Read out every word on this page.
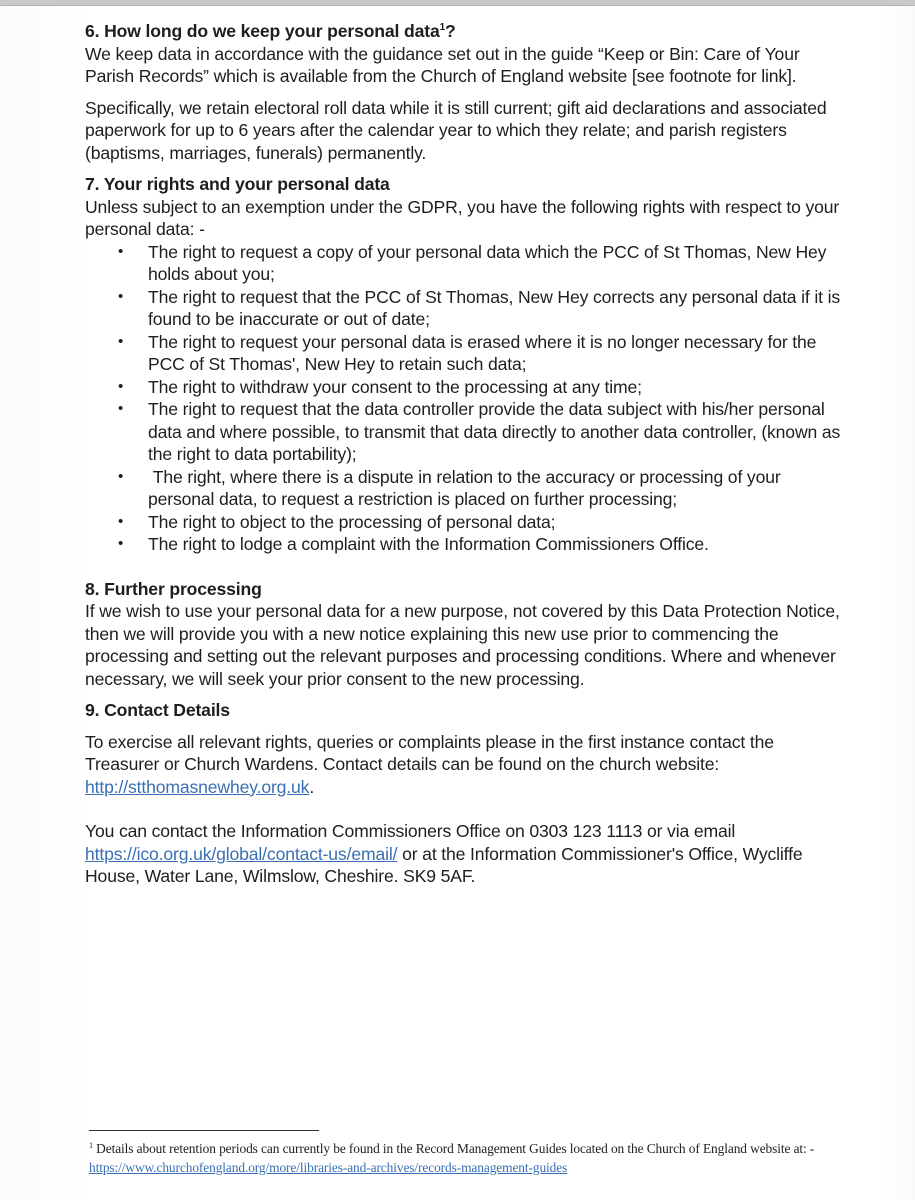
6. How long do we keep your personal data$^1$?

We keep data in accordance with the guidance set out in the guide “Keep or Bin: Care of Your Parish Records” which is available from the Church of England website [see footnote for link].

Specifically, we retain electoral roll data while it is still current; gift aid declarations and associated paperwork for up to 6 years after the calendar year to which they relate; and parish registers (baptisms, marriages, funerals) permanently.

7. Your rights and your personal data

Unless subject to an exemption under the GDPR, you have the following rights with respect to your personal data: -

• The right to request a copy of your personal data which the PCC of St Thomas, New Hey holds about you;
• The right to request that the PCC of St Thomas, New Hey corrects any personal data if it is found to be inaccurate or out of date;
• The right to request your personal data is erased where it is no longer necessary for the PCC of St Thomas', New Hey to retain such data;
• The right to withdraw your consent to the processing at any time;
• The right to request that the data controller provide the data subject with his/her personal data and where possible, to transmit that data directly to another data controller, (known as the right to data portability);
• The right, where there is a dispute in relation to the accuracy or processing of your personal data, to request a restriction is placed on further processing;
• The right to object to the processing of personal data;
• The right to lodge a complaint with the Information Commissioners Office.
8. Further processing

If we wish to use your personal data for a new purpose, not covered by this Data Protection Notice, then we will provide you with a new notice explaining this new use prior to commencing the processing and setting out the relevant purposes and processing conditions. Where and whenever necessary, we will seek your prior consent to the new processing.

9. Contact Details

To exercise all relevant rights, queries or complaints please in the first instance contact the Treasurer or Church Wardens. Contact details can be found on the church website: http://stthomasnewhey.org.uk.

You can contact the Information Commissioners Office on 0303 123 1113 or via email https://ico.org.uk/global/contact-us/email/ or at the Information Commissioner's Office, Wycliffe House, Water Lane, Wilmslow, Cheshire. SK9 5AF.

$^1$ Details about retention periods can currently be found in the Record Management Guides located on the Church of England website at: - https://www.churchofengland.org/more/libraries-and-archives/records-management-guides
